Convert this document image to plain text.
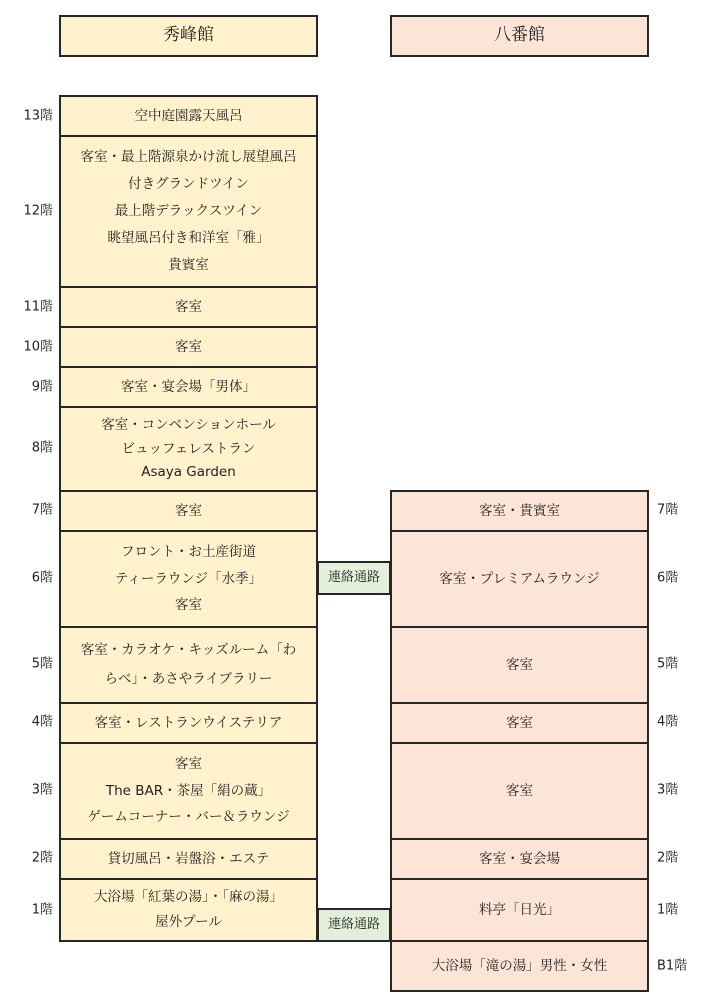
秀峰館	八番館
空中庭園露天風呂
客室・最上階源泉かけ流し展望風呂
付きグランドツイン
最上階デラックスツイン
眺望風呂付き和洋室「雅」
貴賓室
客室
客室
客室・宴会場「男体」
客室・コンベンションホール
ビュッフェレストラン
Asaya Garden
客室
フロント・お土産街道
ティーラウンジ「水季」
客室
客室・カラオケ・キッズルーム「わ
らべ」・あさやライブラリー
客室・レストランウイステリア
客室
The BAR・茶屋「絹の蔵」
ゲームコーナー・バー＆ラウンジ
貸切風呂・岩盤浴・エステ
大浴場「紅葉の湯」・「麻の湯」
屋外プール
13階
12階
11階
10階
9階
8階
7階
6階
5階
4階
3階
2階
1階
客室・貴賓室
客室・プレミアムラウンジ
客室
客室
客室
客室・宴会場
料亭「日光」
大浴場「滝の湯」男性・女性
7階
6階
5階
4階
3階
2階
1階
B1階
連絡通路
連絡通路
